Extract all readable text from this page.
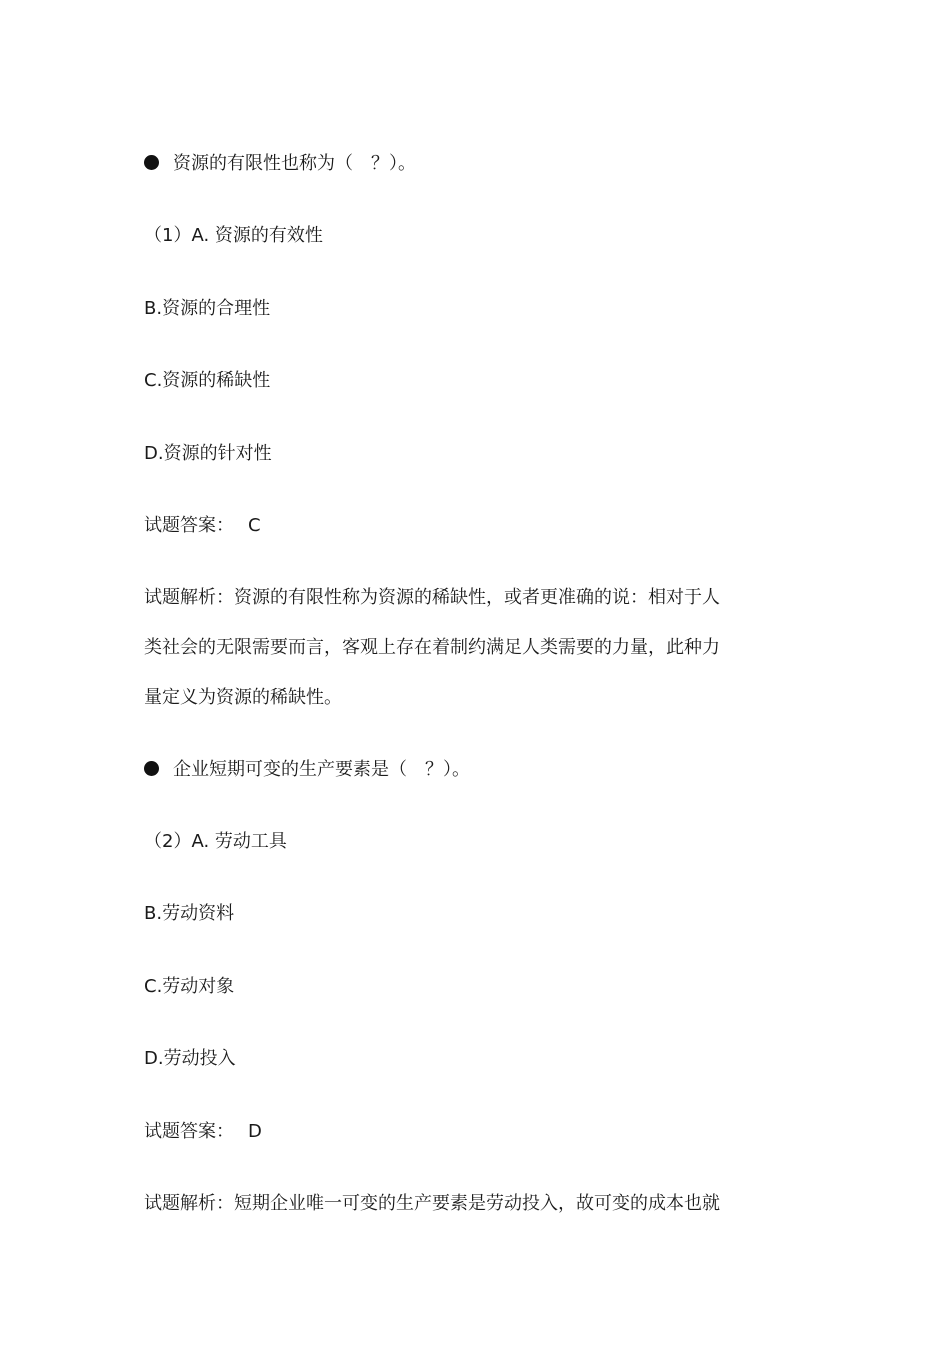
资源的有限性也称为（　？）。
（1）A. 资源的有效性
B.资源的合理性
C.资源的稀缺性
D.资源的针对性
试题答案： C
试题解析：资源的有限性称为资源的稀缺性，或者更准确的说：相对于人
类社会的无限需要而言，客观上存在着制约满足人类需要的力量，此种力
量定义为资源的稀缺性。
企业短期可变的生产要素是（　？）。
（2）A. 劳动工具
B.劳动资料
C.劳动对象
D.劳动投入
试题答案： D
试题解析：短期企业唯一可变的生产要素是劳动投入，故可变的成本也就
